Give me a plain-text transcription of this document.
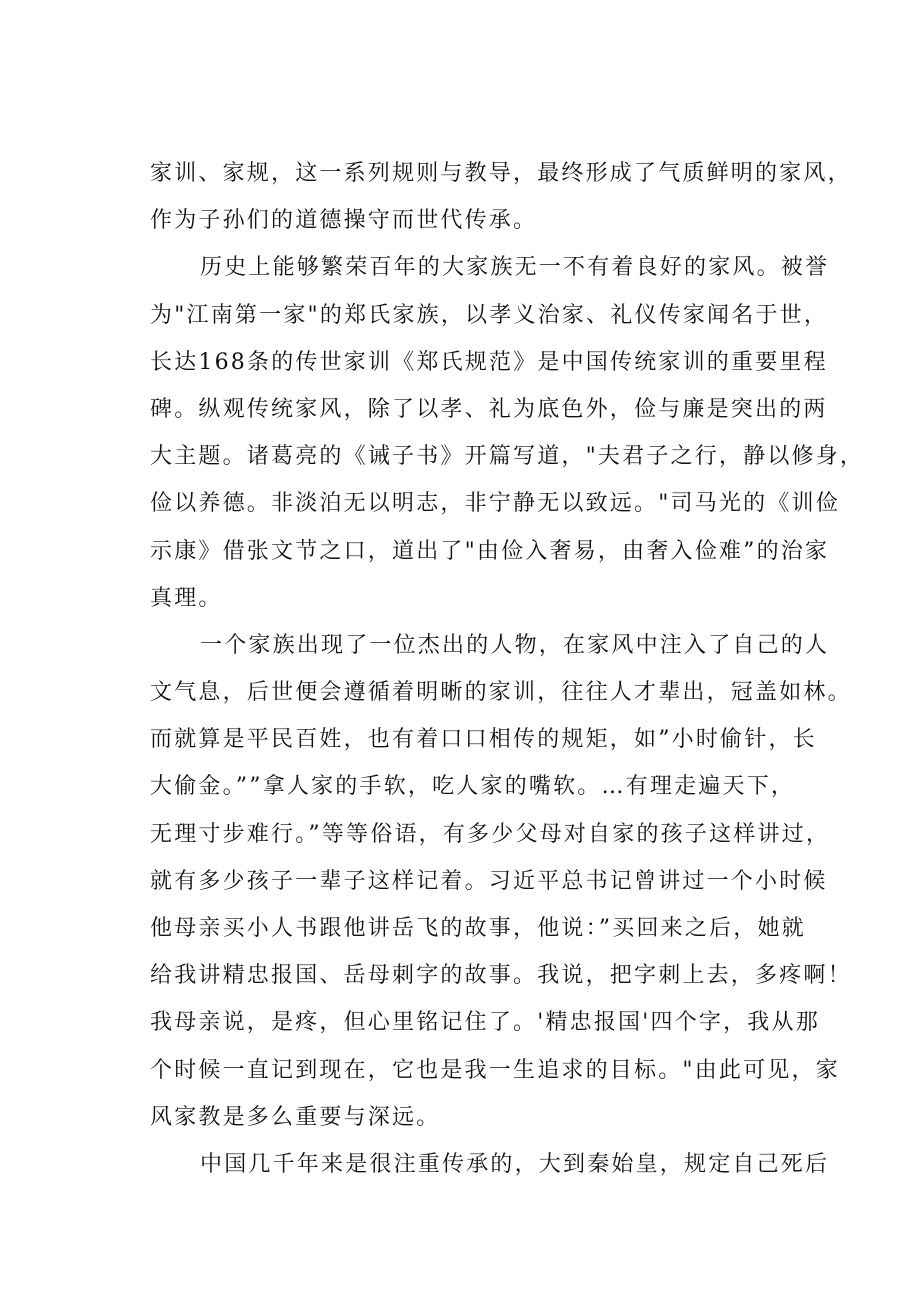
家训、家规，这一系列规则与教导，最终形成了气质鲜明的家风，
作为子孙们的道德操守而世代传承。
历史上能够繁荣百年的大家族无一不有着良好的家风。被誉
为"江南第一家"的郑氏家族，以孝义治家、礼仪传家闻名于世，
长达168条的传世家训《郑氏规范》是中国传统家训的重要里程
碑。纵观传统家风，除了以孝、礼为底色外，俭与廉是突出的两
大主题。诸葛亮的《诫子书》开篇写道，"夫君子之行，静以修身，
俭以养德。非淡泊无以明志，非宁静无以致远。"司马光的《训俭
示康》借张文节之口，道出了"由俭入奢易，由奢入俭难”的治家
真理。
一个家族出现了一位杰出的人物，在家风中注入了自己的人
文气息，后世便会遵循着明晰的家训，往往人才辈出，冠盖如林。
而就算是平民百姓，也有着口口相传的规矩，如”小时偷针，长
大偷金。””拿人家的手软，吃人家的嘴软。…有理走遍天下，
无理寸步难行。”等等俗语，有多少父母对自家的孩子这样讲过，
就有多少孩子一辈子这样记着。习近平总书记曾讲过一个小时候
他母亲买小人书跟他讲岳飞的故事，他说：”买回来之后，她就
给我讲精忠报国、岳母刺字的故事。我说，把字刺上去，多疼啊！
我母亲说，是疼，但心里铭记住了。'精忠报国'四个字，我从那
个时候一直记到现在，它也是我一生追求的目标。"由此可见，家
风家教是多么重要与深远。
中国几千年来是很注重传承的，大到秦始皇，规定自己死后
